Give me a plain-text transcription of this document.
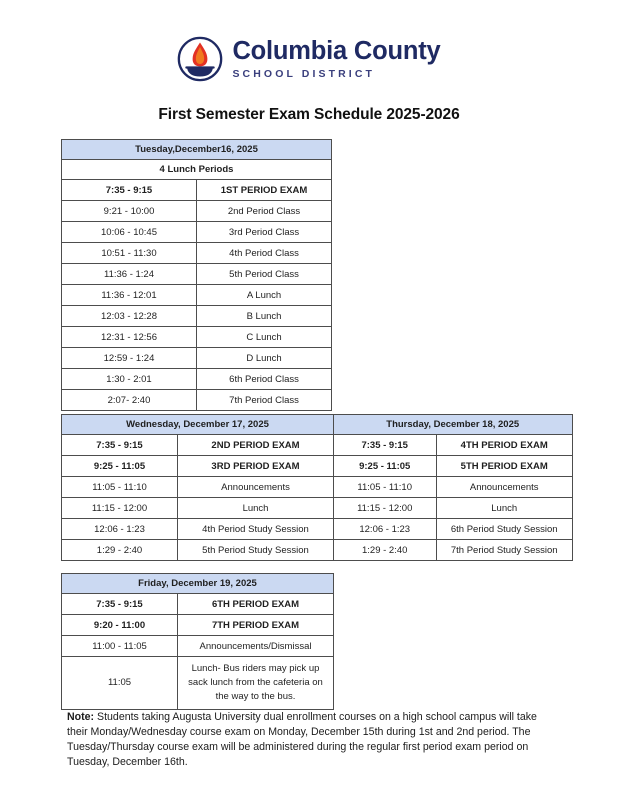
Columbia County
SCHOOL DISTRICT
First Semester Exam Schedule 2025-2026
Tuesday,December16, 2025	
4 Lunch Periods	
7:35 - 9:15	1ST PERIOD EXAM
9:21 - 10:00	2nd Period Class
10:06 - 10:45	3rd Period Class
10:51 - 11:30	4th Period Class
11:36 - 1:24	5th Period Class
11:36 - 12:01	A Lunch
12:03 - 12:28	B Lunch
12:31 - 12:56	C Lunch
12:59 - 1:24	D Lunch
1:30 - 2:01	6th Period Class
2:07- 2:40	7th Period Class
Wednesday, December 17, 2025	
7:35 - 9:15	2ND PERIOD EXAM
9:25 - 11:05	3RD PERIOD EXAM
11:05 - 11:10	Announcements
11:15 - 12:00	Lunch
12:06 - 1:23	4th Period Study Session
1:29 - 2:40	5th Period Study Session
Thursday, December 18, 2025	
7:35 - 9:15	4TH PERIOD EXAM
9:25 - 11:05	5TH PERIOD EXAM
11:05 - 11:10	Announcements
11:15 - 12:00	Lunch
12:06 - 1:23	6th Period Study Session
1:29 - 2:40	7th Period Study Session
Friday, December 19, 2025	
7:35 - 9:15	6TH PERIOD EXAM
9:20 - 11:00	7TH PERIOD EXAM
11:00 - 11:05	Announcements/Dismissal
11:05	Lunch- Bus riders may pick up sack lunch from the cafeteria on the way to the bus.
Note: Students taking Augusta University dual enrollment courses on a high school campus will take their Monday/Wednesday course exam on Monday, December 15th during 1st and 2nd period. The Tuesday/Thursday course exam will be administered during the regular first period exam period on Tuesday, December 16th.
